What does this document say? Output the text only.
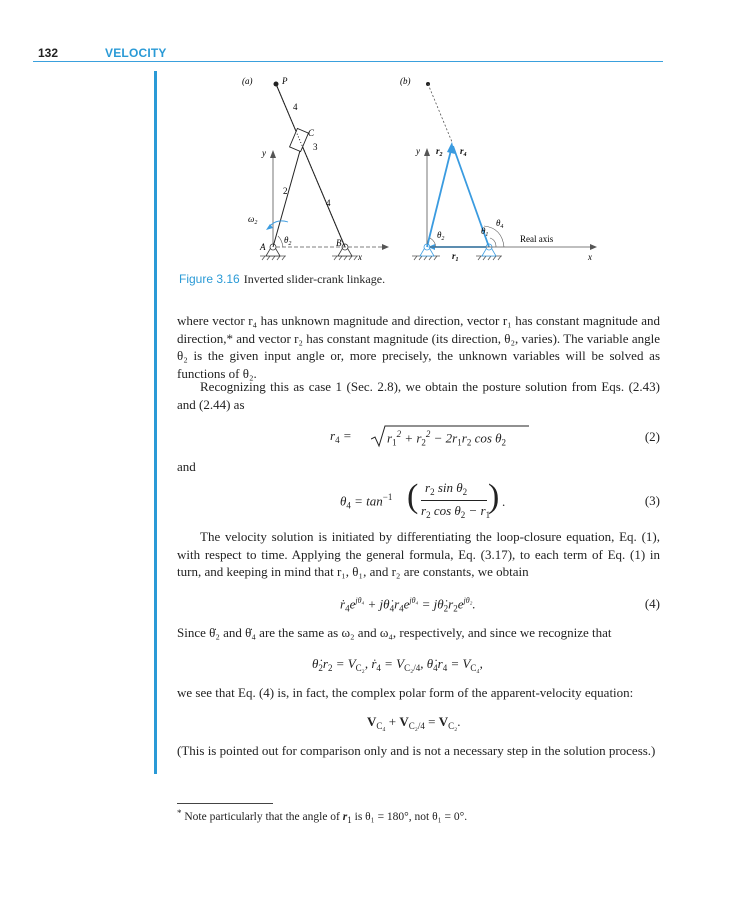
132	VELOCITY
(a)	P
y
x
4
C
3
2
4
$\omega_2$
A
$\theta_2$	B
(b)
y
x
$r_2$ $r_4$
$\theta_4$
$\theta_1$
$\theta_2$	Real axis
$r_1$
Figure 3.16 Inverted slider-crank linkage.
where vector r₄ has unknown magnitude and direction, vector r₁ has constant magnitude and direction,* and vector r₂ has constant magnitude (its direction, θ₂, varies). The variable angle θ₂ is the given input angle or, more precisely, the unknown variables will be solved as functions of θ₂.
Recognizing this as case 1 (Sec. 2.8), we obtain the posture solution from Eqs. (2.43) and (2.44) as
$r_4$ =	$r_1^2 + r_2^2 - 2r_1r_2$ $\cos \theta_2$	(2)
and
$\theta_4 = \tan^{-1}$ ( $r_2$ $\sin \theta_2$
$r_2$ $\cos \theta_2 - r_1$
) .	(3)
The velocity solution is initiated by differentiating the loop-closure equation, Eq. (1), with respect to time. Applying the general formula, Eq. (3.17), to each term of Eq. (1) in turn, and keeping in mind that r₁, θ₁, and r₂ are constants, we obtain
$ṙ_4e^{j\theta_4}$ + $j\thetȧ_4r_4e^{j\theta_4}$ = $j\thetȧ_2r_2e^{j\theta_2}$.	(4)
Since θ̇₂ and θ̇₄ are the same as ω₂ and ω₄, respectively, and since we recognize that
$\thetȧ_2r_2 = V_{C_2}$, ṙ$_4$ = $V_{C_2/4}$, $\thetȧ_4r_4 = V_{C_4}$,
we see that Eq. (4) is, in fact, the complex polar form of the apparent-velocity equation:
$V_{C_4} + V_{C_2/4} = V_{C_2}$.
(This is pointed out for comparison only and is not a necessary step in the solution process.)
* Note particularly that the angle of $r_1$ is θ₁ = 180°, not θ₁ = 0°.
